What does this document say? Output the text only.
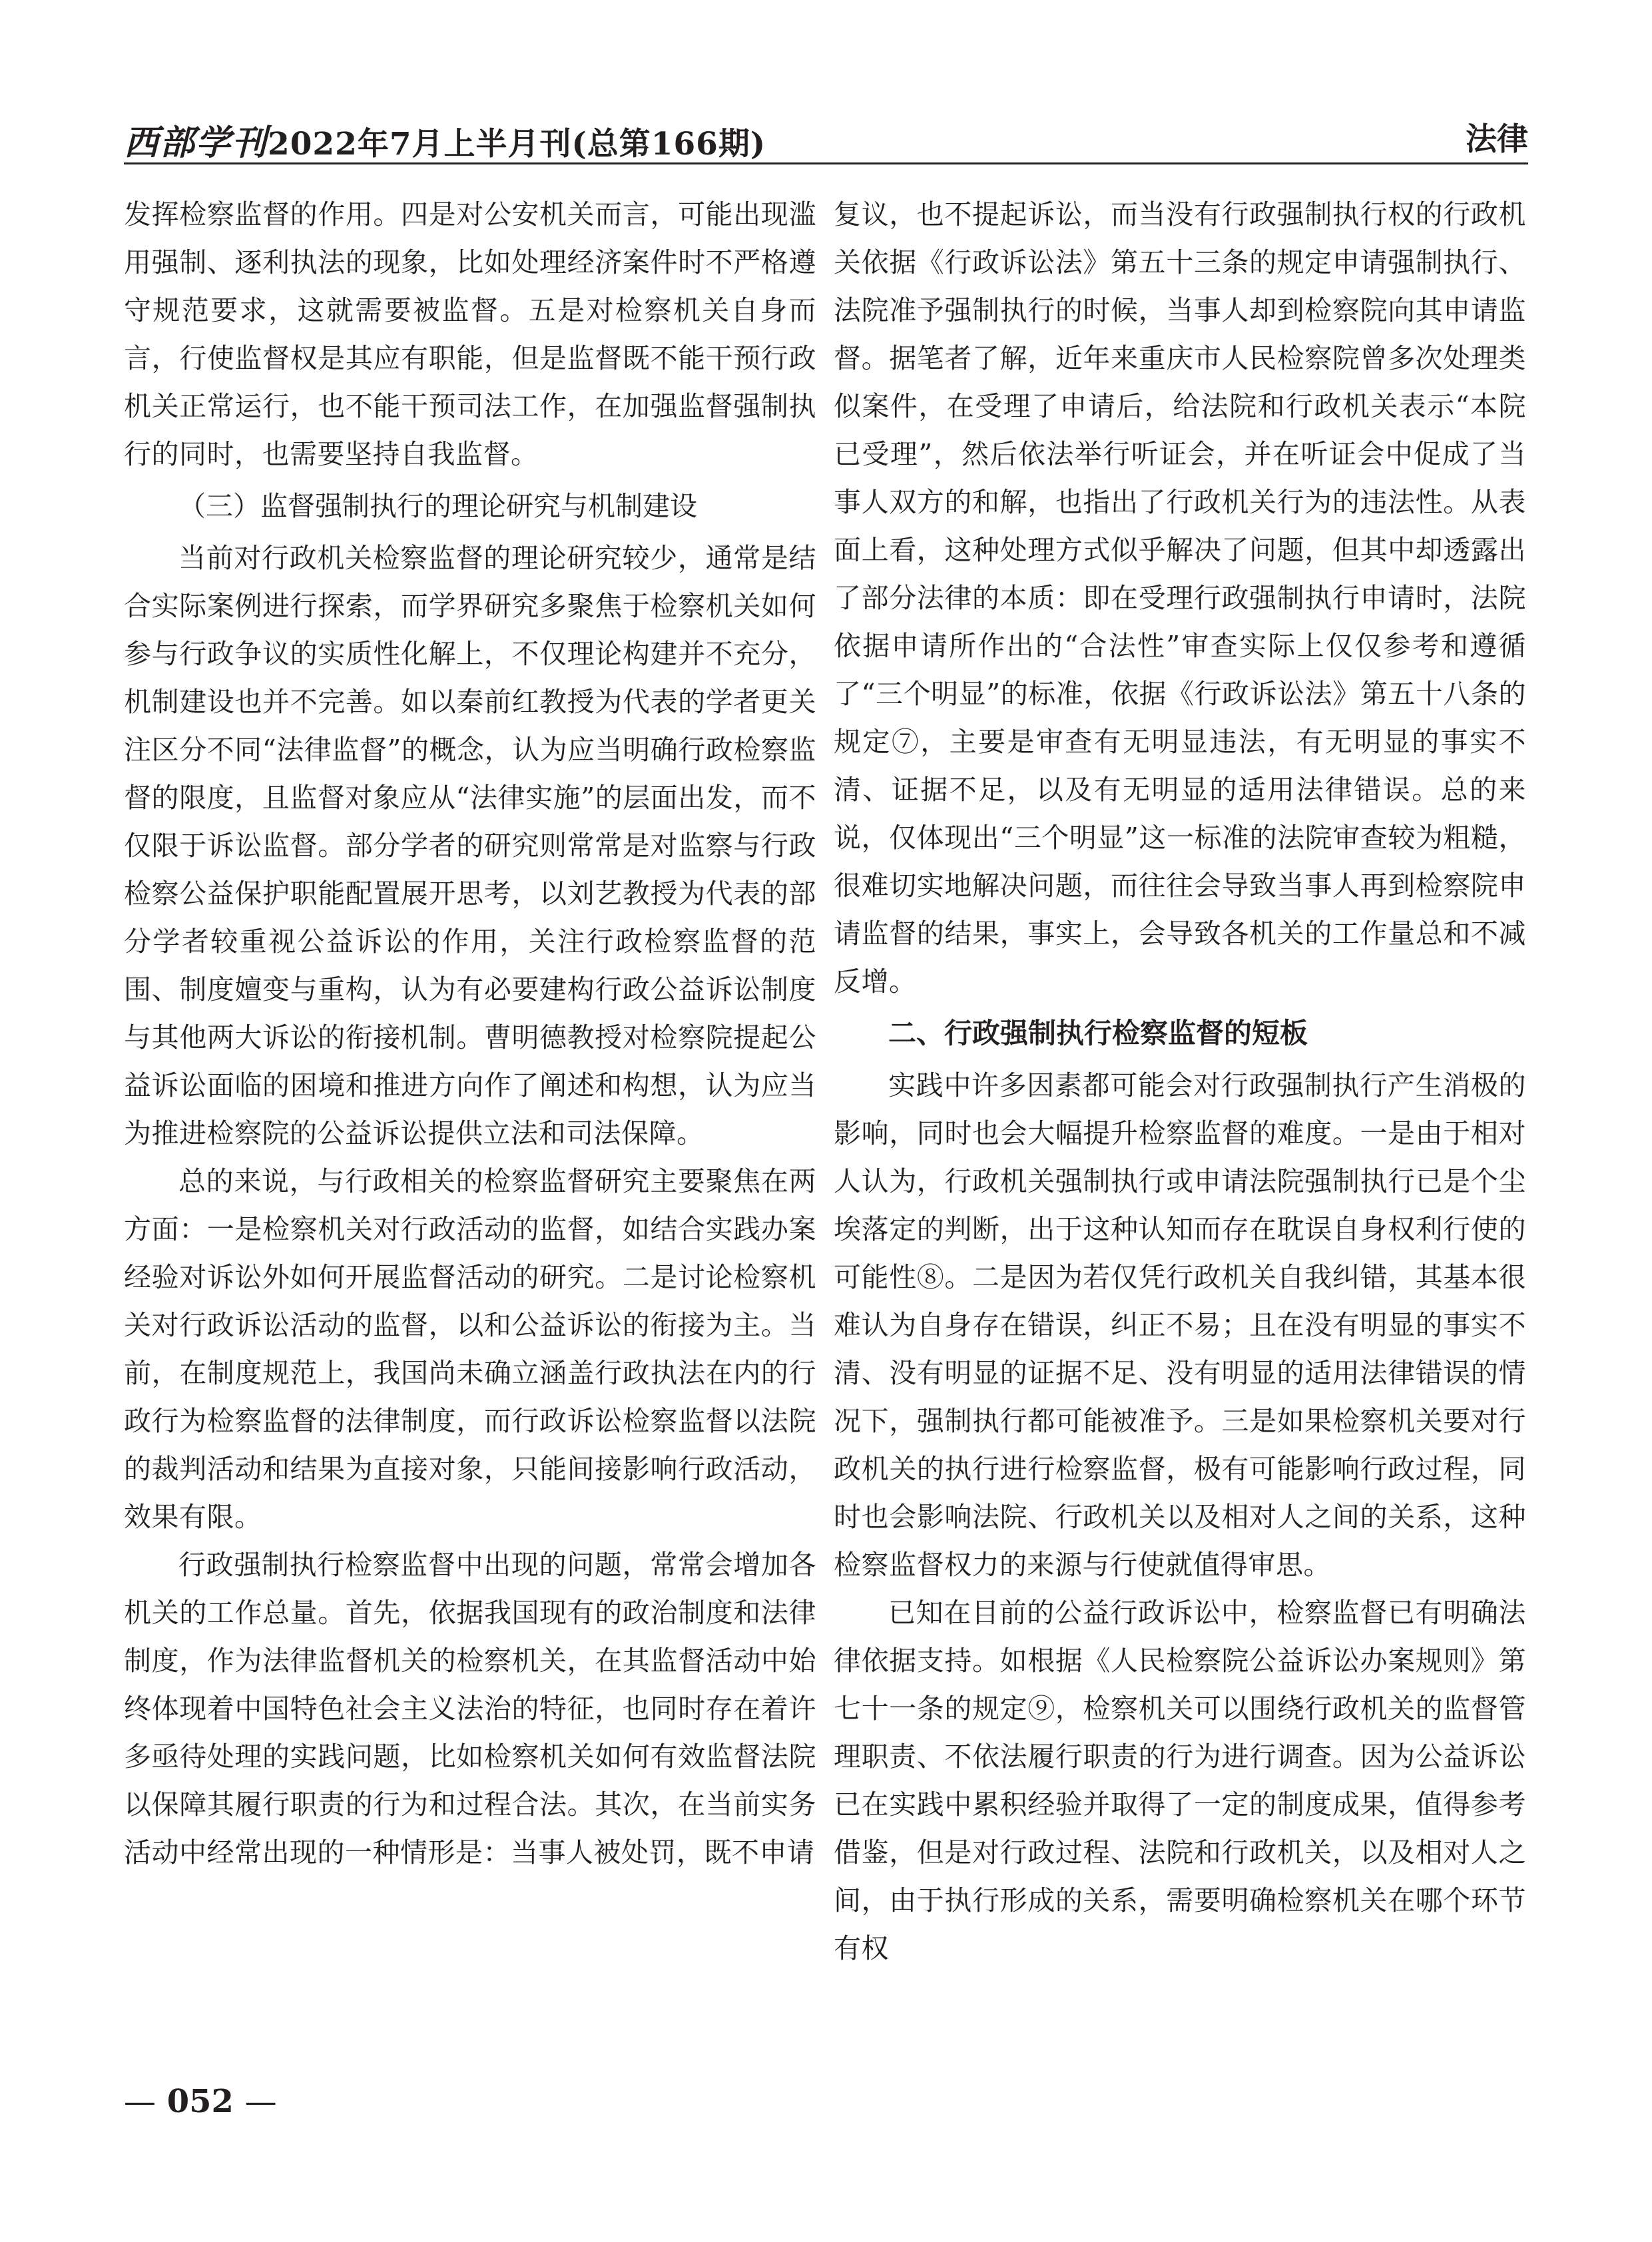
西部学刊2022年7月上半月刊(总第166期)	法律

发挥检察监督的作用。四是对公安机关而言，可能出现滥用强制、逐利执法的现象，比如处理经济案件时不严格遵守规范要求，这就需要被监督。五是对检察机关自身而言，行使监督权是其应有职能，但是监督既不能干预行政机关正常运行，也不能干预司法工作，在加强监督强制执行的同时，也需要坚持自我监督。

（三）监督强制执行的理论研究与机制建设

当前对行政机关检察监督的理论研究较少，通常是结合实际案例进行探索，而学界研究多聚焦于检察机关如何参与行政争议的实质性化解上，不仅理论构建并不充分，机制建设也并不完善。如以秦前红教授为代表的学者更关注区分不同“法律监督”的概念，认为应当明确行政检察监督的限度，且监督对象应从“法律实施”的层面出发，而不仅限于诉讼监督。部分学者的研究则常常是对监察与行政检察公益保护职能配置展开思考，以刘艺教授为代表的部分学者较重视公益诉讼的作用，关注行政检察监督的范围、制度嬗变与重构，认为有必要建构行政公益诉讼制度与其他两大诉讼的衔接机制。曹明德教授对检察院提起公益诉讼面临的困境和推进方向作了阐述和构想，认为应当为推进检察院的公益诉讼提供立法和司法保障。

总的来说，与行政相关的检察监督研究主要聚焦在两方面：一是检察机关对行政活动的监督，如结合实践办案经验对诉讼外如何开展监督活动的研究。二是讨论检察机关对行政诉讼活动的监督，以和公益诉讼的衔接为主。当前，在制度规范上，我国尚未确立涵盖行政执法在内的行政行为检察监督的法律制度，而行政诉讼检察监督以法院的裁判活动和结果为直接对象，只能间接影响行政活动，效果有限。

行政强制执行检察监督中出现的问题，常常会增加各机关的工作总量。首先，依据我国现有的政治制度和法律制度，作为法律监督机关的检察机关，在其监督活动中始终体现着中国特色社会主义法治的特征，也同时存在着许多亟待处理的实践问题，比如检察机关如何有效监督法院以保障其履行职责的行为和过程合法。其次，在当前实务活动中经常出现的一种情形是：当事人被处罚，既不申请

复议，也不提起诉讼，而当没有行政强制执行权的行政机关依据《行政诉讼法》第五十三条的规定申请强制执行、法院准予强制执行的时候，当事人却到检察院向其申请监督。据笔者了解，近年来重庆市人民检察院曾多次处理类似案件，在受理了申请后，给法院和行政机关表示“本院已受理”，然后依法举行听证会，并在听证会中促成了当事人双方的和解，也指出了行政机关行为的违法性。从表面上看，这种处理方式似乎解决了问题，但其中却透露出了部分法律的本质：即在受理行政强制执行申请时，法院依据申请所作出的“合法性”审查实际上仅仅参考和遵循了“三个明显”的标准，依据《行政诉讼法》第五十八条的规定⑦，主要是审查有无明显违法，有无明显的事实不清、证据不足，以及有无明显的适用法律错误。总的来说，仅体现出“三个明显”这一标准的法院审查较为粗糙，很难切实地解决问题，而往往会导致当事人再到检察院申请监督的结果，事实上，会导致各机关的工作量总和不减反增。

二、行政强制执行检察监督的短板

实践中许多因素都可能会对行政强制执行产生消极的影响，同时也会大幅提升检察监督的难度。一是由于相对人认为，行政机关强制执行或申请法院强制执行已是个尘埃落定的判断，出于这种认知而存在耽误自身权利行使的可能性⑧。二是因为若仅凭行政机关自我纠错，其基本很难认为自身存在错误，纠正不易；且在没有明显的事实不清、没有明显的证据不足、没有明显的适用法律错误的情况下，强制执行都可能被准予。三是如果检察机关要对行政机关的执行进行检察监督，极有可能影响行政过程，同时也会影响法院、行政机关以及相对人之间的关系，这种检察监督权力的来源与行使就值得审思。

已知在目前的公益行政诉讼中，检察监督已有明确法律依据支持。如根据《人民检察院公益诉讼办案规则》第七十一条的规定⑨，检察机关可以围绕行政机关的监督管理职责、不依法履行职责的行为进行调查。因为公益诉讼已在实践中累积经验并取得了一定的制度成果，值得参考借鉴，但是对行政过程、法院和行政机关，以及相对人之间，由于执行形成的关系，需要明确检察机关在哪个环节有权

— 052 —
